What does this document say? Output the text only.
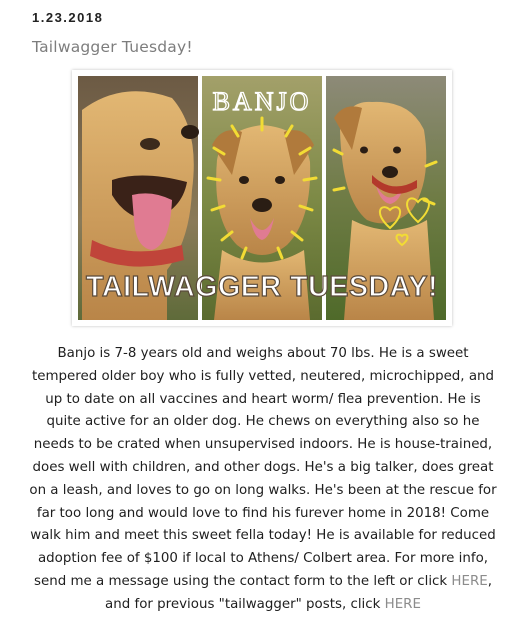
1.23.2018
Tailwagger Tuesday!
BANJO
TAILWAGGER TUESDAY!

Banjo is 7-8 years old and weighs about 70 lbs. He is a sweet tempered older boy who is fully vetted, neutered, microchipped, and up to date on all vaccines and heart worm/ flea prevention. He is quite active for an older dog. He chews on everything also so he needs to be crated when unsupervised indoors. He is house-trained, does well with children, and other dogs. He's a big talker, does great on a leash, and loves to go on long walks. He's been at the rescue for far too long and would love to find his furever home in 2018! Come walk him and meet this sweet fella today! He is available for reduced adoption fee of $100 if local to Athens/ Colbert area. For more info, send me a message using the contact form to the left or click HERE, and for previous "tailwagger" posts, click HERE
